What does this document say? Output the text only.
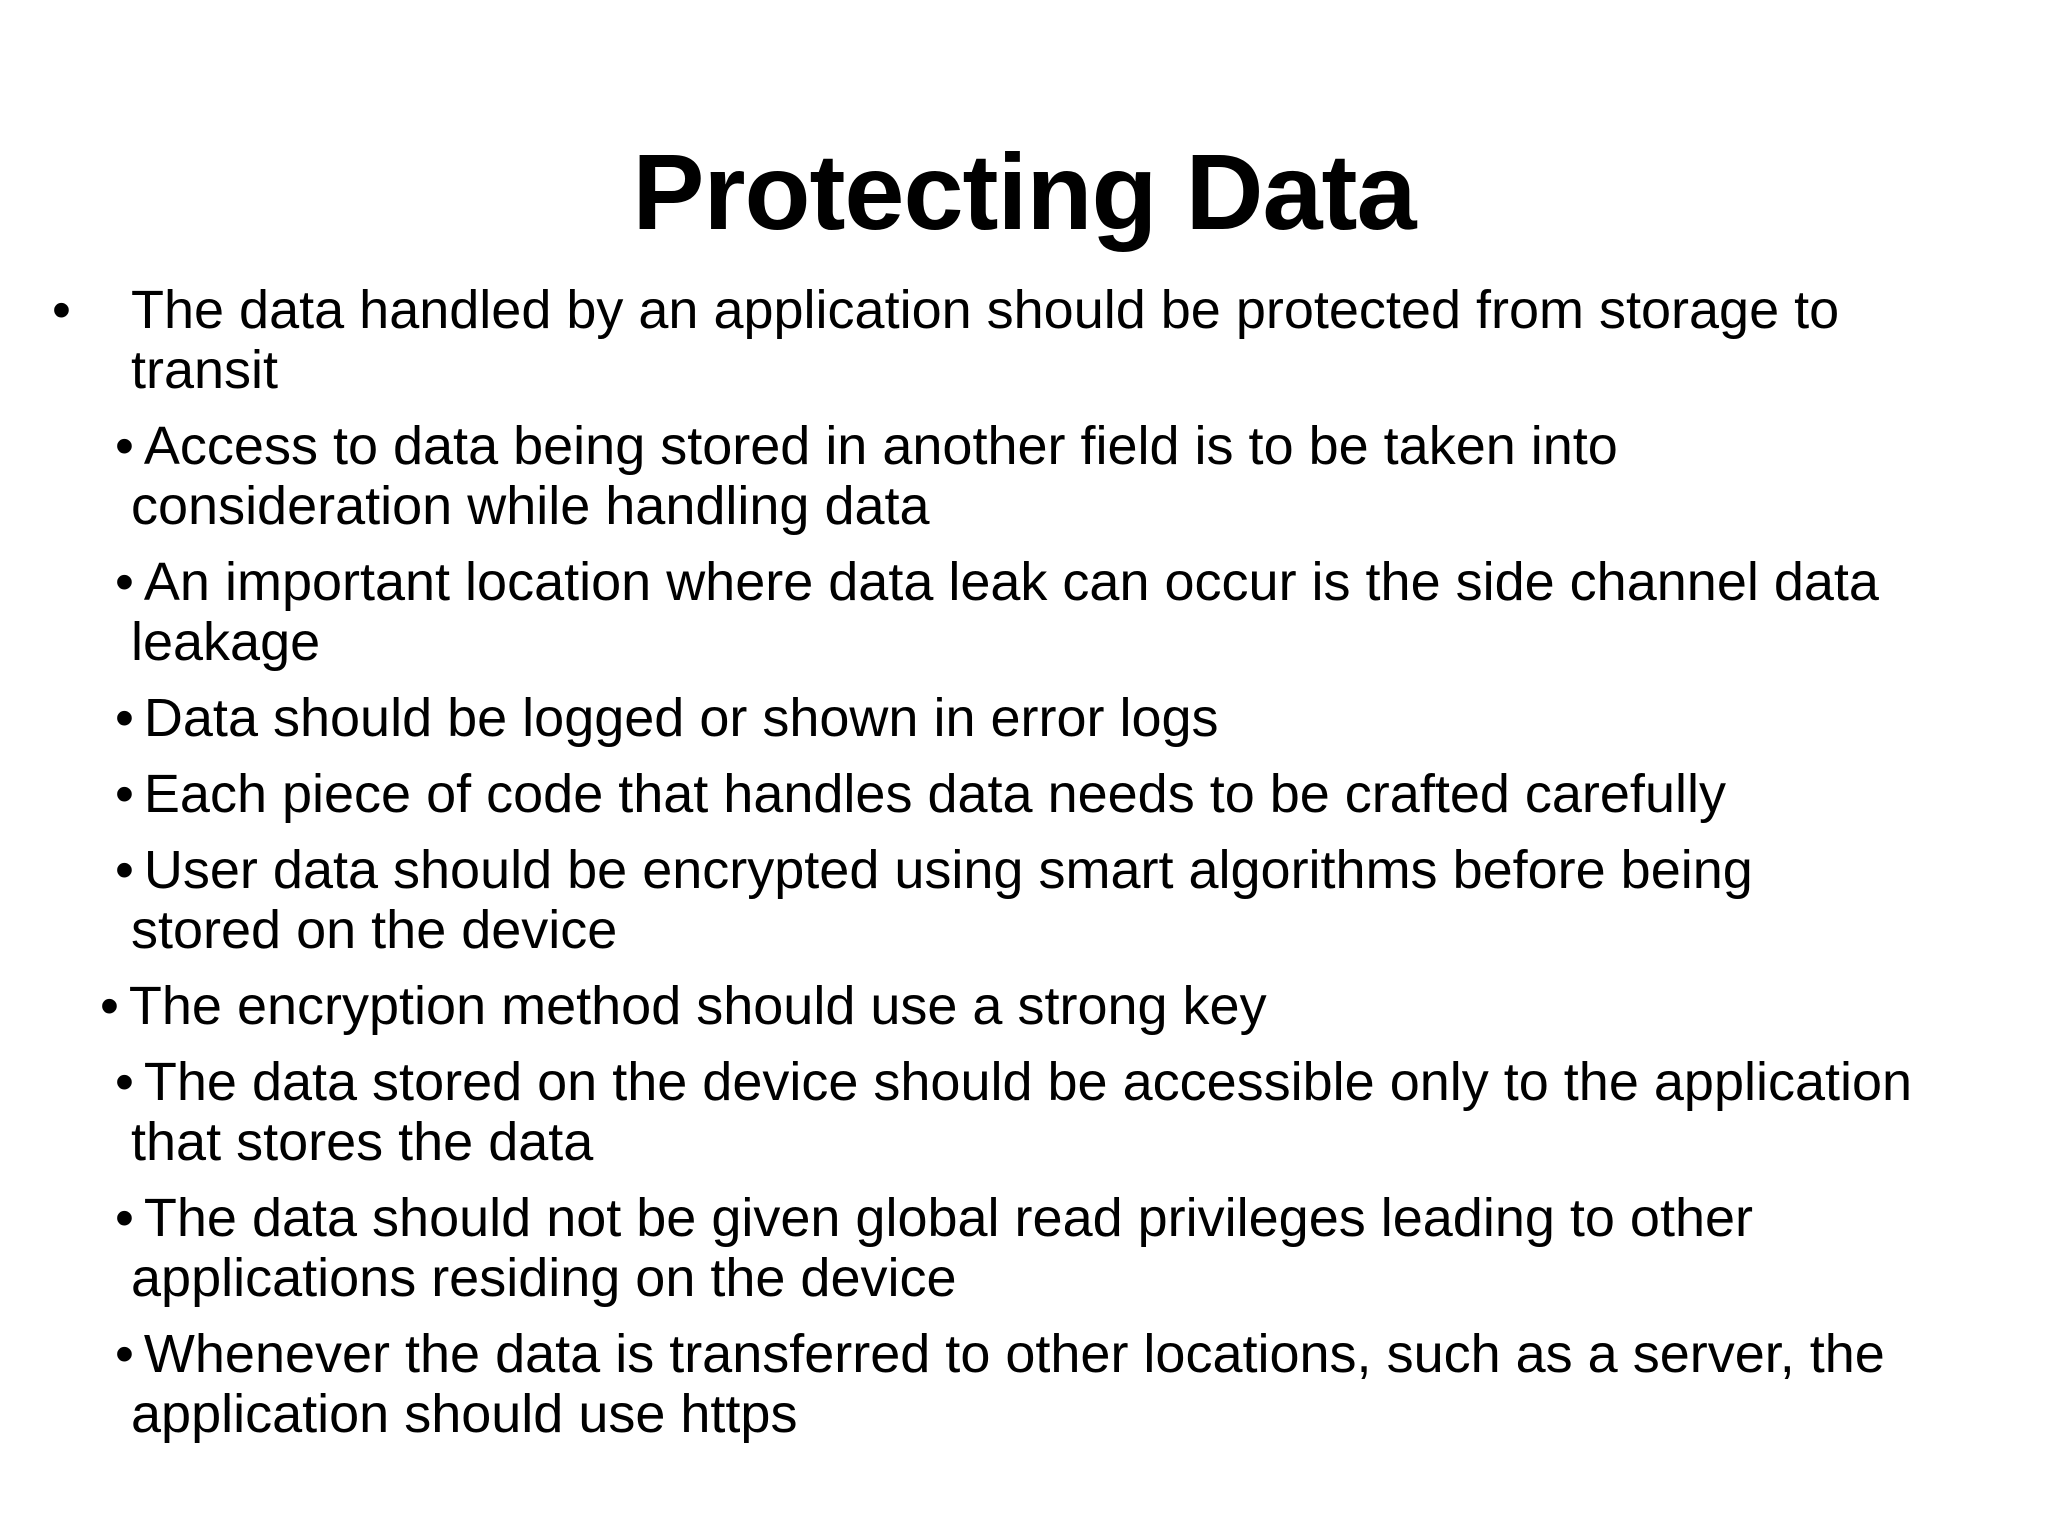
Protecting Data
• The data handled by an application should be protected from storage to
transit
• Access to data being stored in another field is to be taken into
consideration while handling data
• An important location where data leak can occur is the side channel data
leakage
• Data should be logged or shown in error logs
• Each piece of code that handles data needs to be crafted carefully
• User data should be encrypted using smart algorithms before being
stored on the device
• The encryption method should use a strong key
• The data stored on the device should be accessible only to the application
that stores the data
• The data should not be given global read privileges leading to other
applications residing on the device
• Whenever the data is transferred to other locations, such as a server, the
application should use https
